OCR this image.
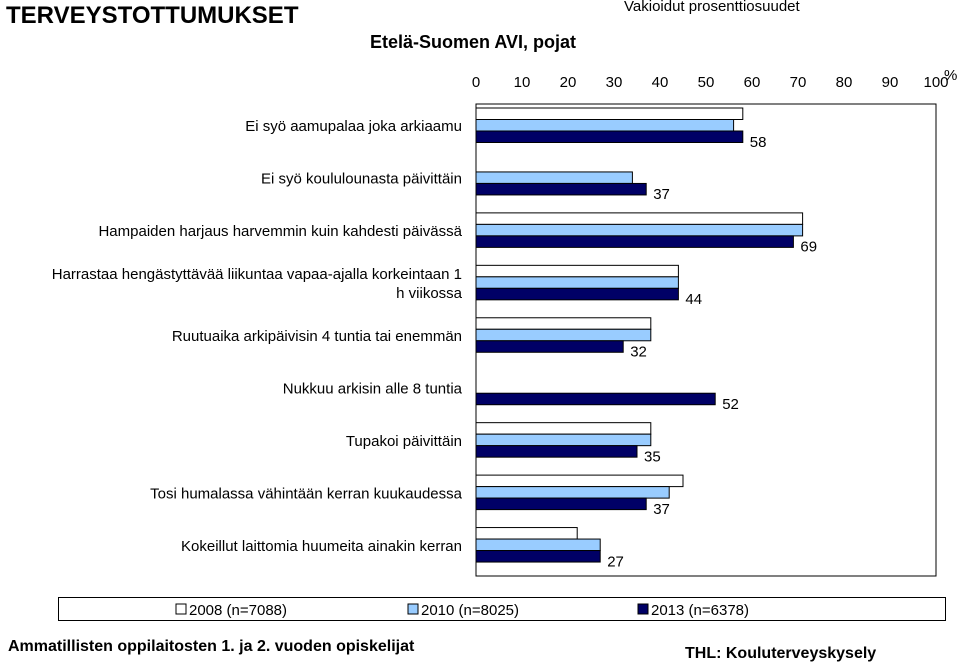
TERVEYSTOTTUMUKSET	Vakioidut prosenttiosuudet
Etelä-Suomen AVI, pojat
0 10 20 30 40 50 60 70 80 90 100
%
Ei syö aamupalaa joka arkiaamu
Ei syö koululounasta päivittäin
Hampaiden harjaus harvemmin kuin kahdesti päivässä
Harrastaa hengästyttävää liikuntaa vapaa-ajalla korkeintaan 1
h viikossa
Ruutuaika arkipäivisin 4 tuntia tai enemmän
Nukkuu arkisin alle 8 tuntia
Tupakoi päivittäin
Tosi humalassa vähintään kerran kuukaudessa
Kokeillut laittomia huumeita ainakin kerran
58
37
69
44
32
52
35
37
27
2008 (n=7088)	2010 (n=8025)	2013 (n=6378)
Ammatillisten oppilaitosten 1. ja 2. vuoden opiskelijat	THL: Kouluterveyskysely
